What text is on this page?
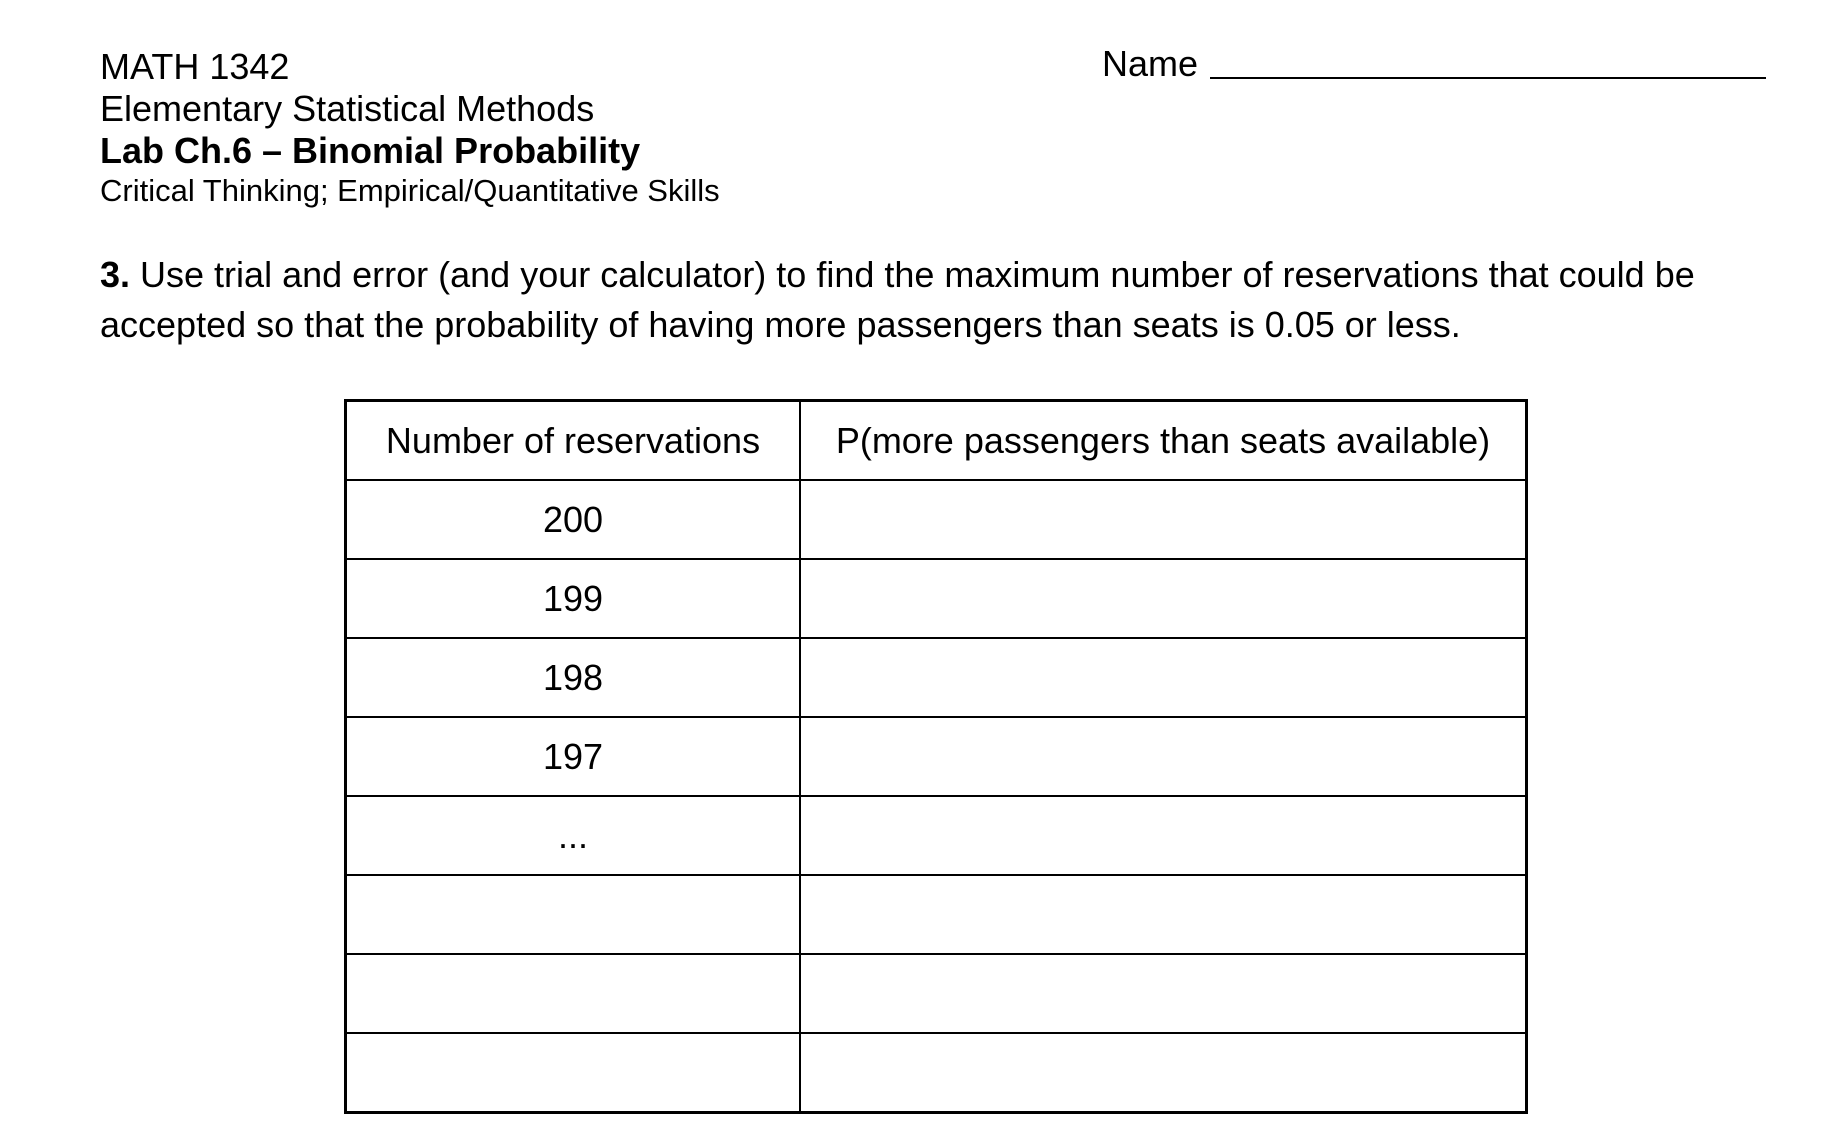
MATH 1342
Elementary Statistical Methods
Lab Ch.6 – Binomial Probability
Critical Thinking; Empirical/Quantitative Skills
Name
3. Use trial and error (and your calculator) to find the maximum number of reservations that could be accepted so that the probability of having more passengers than seats is 0.05 or less.
Number of reservations	P(more passengers than seats available)
200	
199	
198	
197	
...	
